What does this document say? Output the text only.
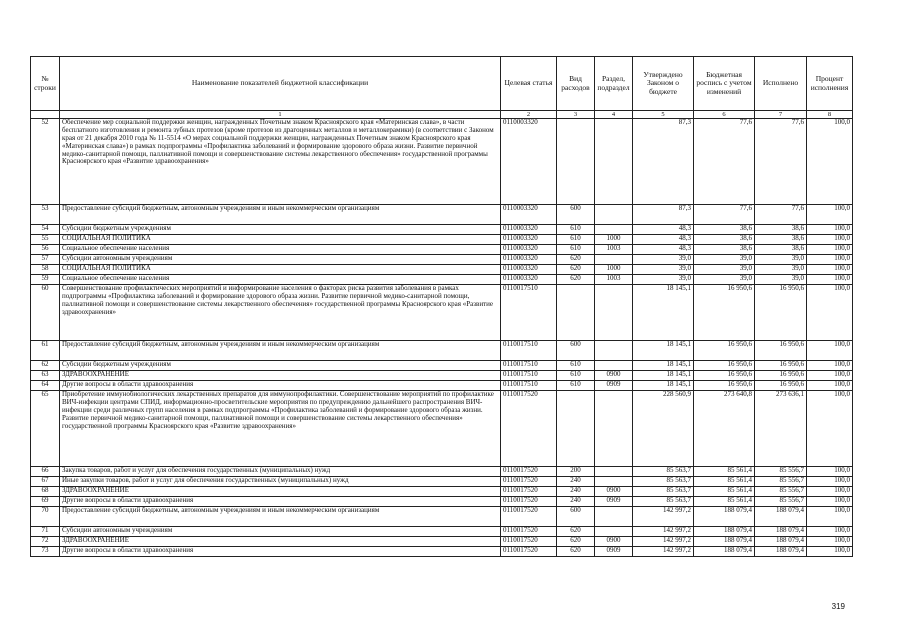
№ строки	Наименование показателей бюджетной классификации	Целевая статья	Вид расходов	Раздел, подраздел	Утверждено Законом о бюджете	Бюджетная роспись с учетом изменений	Исполнено	Процент исполнения
	1	2	3	4	5	6	7	8
52	Обеспечение мер социальной поддержки женщин, награжденных Почетным знаком Красноярского края «Материнская слава», в части бесплатного изготовления и ремонта зубных протезов (кроме протезов из драгоценных металлов и металлокерамики) (в соответствии с Законом края от 21 декабря 2010 года № 11-5514 «О мерах социальной поддержки женщин, награжденных Почетным знаком Красноярского края «Материнская слава») в рамках подпрограммы «Профилактика заболеваний и формирование здорового образа жизни. Развитие первичной медико-санитарной помощи, паллиативной помощи и совершенствование системы лекарственного обеспечения» государственной программы Красноярского края «Развитие здравоохранения»	0110003320			87,3	77,6	77,6	100,0
53	Предоставление субсидий бюджетным, автономным учреждениям и иным некоммерческим организациям	0110003320	600		87,3	77,6	77,6	100,0
54	Субсидии бюджетным учреждениям	0110003320	610		48,3	38,6	38,6	100,0
55	СОЦИАЛЬНАЯ ПОЛИТИКА	0110003320	610	1000	48,3	38,6	38,6	100,0
56	Социальное обеспечение населения	0110003320	610	1003	48,3	38,6	38,6	100,0
57	Субсидии автономным учреждениям	0110003320	620		39,0	39,0	39,0	100,0
58	СОЦИАЛЬНАЯ ПОЛИТИКА	0110003320	620	1000	39,0	39,0	39,0	100,0
59	Социальное обеспечение населения	0110003320	620	1003	39,0	39,0	39,0	100,0
60	Совершенствование профилактических мероприятий и информирование населения о факторах риска развития заболевания в рамках подпрограммы «Профилактика заболеваний и формирование здорового образа жизни. Развитие первичной медико-санитарной помощи, паллиативной помощи и совершенствование системы лекарственного обеспечения» государственной программы Красноярского края «Развитие здравоохранения»	0110017510			18 145,1	16 950,6	16 950,6	100,0
61	Предоставление субсидий бюджетным, автономным учреждениям и иным некоммерческим организациям	0110017510	600		18 145,1	16 950,6	16 950,6	100,0
62	Субсидии бюджетным учреждениям	0110017510	610		18 145,1	16 950,6	16 950,6	100,0
63	ЗДРАВООХРАНЕНИЕ	0110017510	610	0900	18 145,1	16 950,6	16 950,6	100,0
64	Другие вопросы в области здравоохранения	0110017510	610	0909	18 145,1	16 950,6	16 950,6	100,0
65	Приобретение иммунобиологических лекарственных препаратов для иммунопрофилактики. Совершенствование мероприятий по профилактике ВИЧ-инфекции центрами СПИД, информационно-просветительские мероприятия по предупреждению дальнейшего распространения ВИЧ-инфекции среди различных групп населения в рамках подпрограммы «Профилактика заболеваний и формирование здорового образа жизни. Развитие первичной медико-санитарной помощи, паллиативной помощи и совершенствование системы лекарственного обеспечения» государственной программы Красноярского края «Развитие здравоохранения»	0110017520			228 560,9	273 640,8	273 636,1	100,0
66	Закупка товаров, работ и услуг для обеспечения государственных (муниципальных) нужд	0110017520	200		85 563,7	85 561,4	85 556,7	100,0
67	Иные закупки товаров, работ и услуг для обеспечения государственных (муниципальных) нужд	0110017520	240		85 563,7	85 561,4	85 556,7	100,0
68	ЗДРАВООХРАНЕНИЕ	0110017520	240	0900	85 563,7	85 561,4	85 556,7	100,0
69	Другие вопросы в области здравоохранения	0110017520	240	0909	85 563,7	85 561,4	85 556,7	100,0
70	Предоставление субсидий бюджетным, автономным учреждениям и иным некоммерческим организациям	0110017520	600		142 997,2	188 079,4	188 079,4	100,0
71	Субсидии автономным учреждениям	0110017520	620		142 997,2	188 079,4	188 079,4	100,0
72	ЗДРАВООХРАНЕНИЕ	0110017520	620	0900	142 997,2	188 079,4	188 079,4	100,0
73	Другие вопросы в области здравоохранения	0110017520	620	0909	142 997,2	188 079,4	188 079,4	100,0
319
